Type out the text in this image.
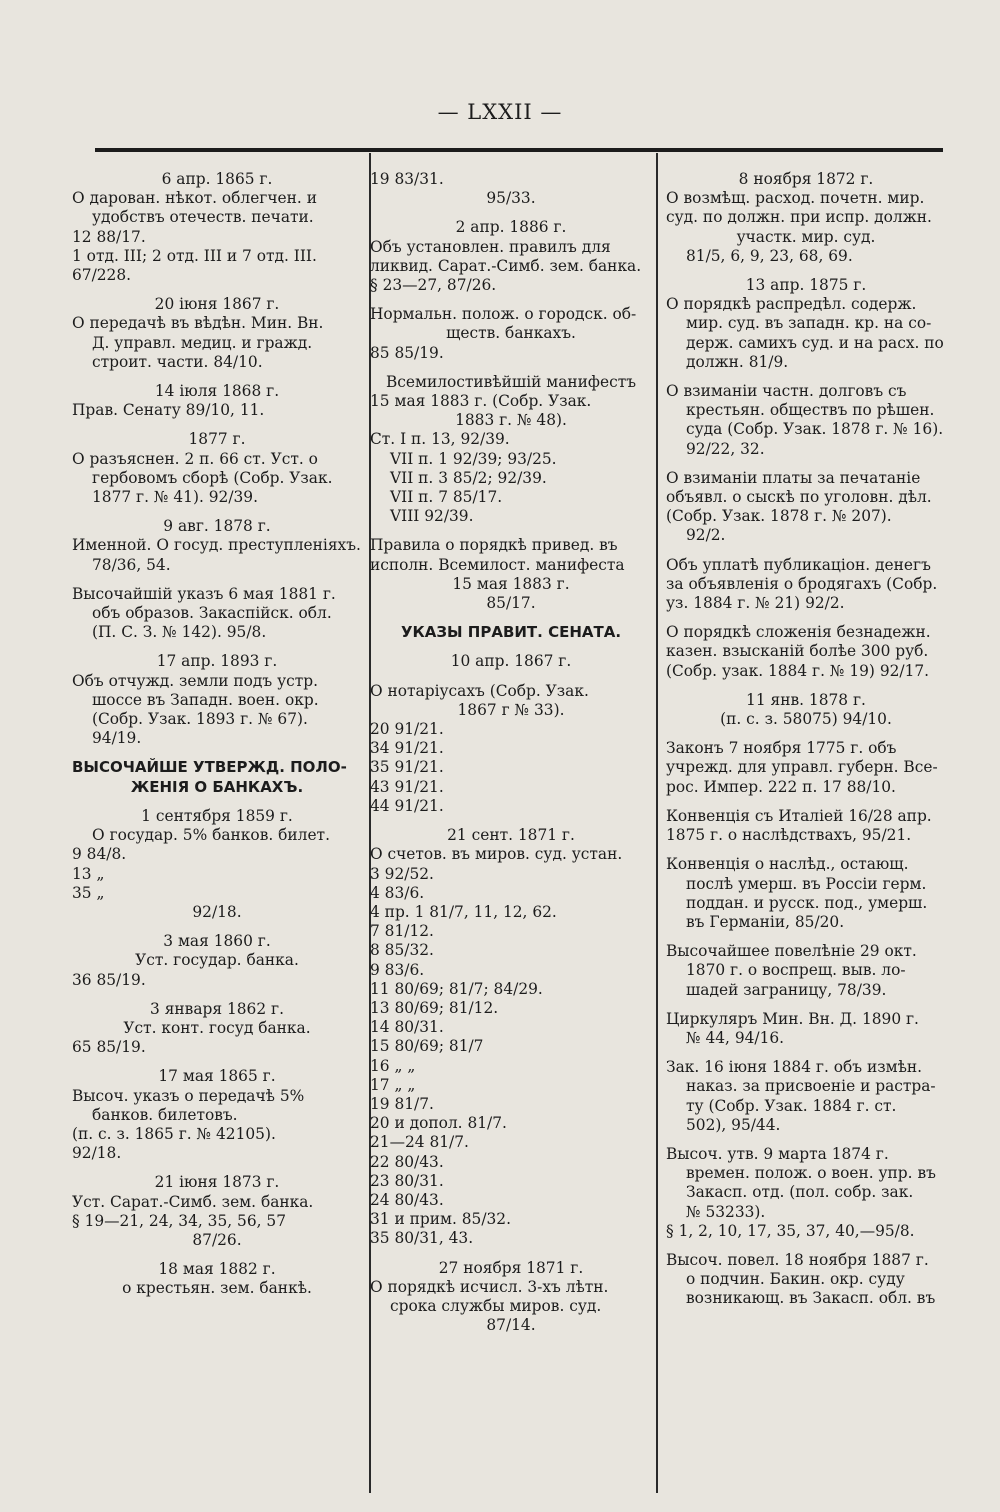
— LXXII —
6 апр. 1865 г.
О дарован. нѣкот. облегчен. и
удобствъ отечеств. печати.
12 88/17.
1 отд. III; 2 отд. III и 7 отд. III.
67/228.
20 іюня 1867 г.
О передачѣ въ вѣдѣн. Мин. Вн.
Д. управл. медиц. и гражд.
строит. части. 84/10.
14 іюля 1868 г.
Прав. Сенату 89/10, 11.
1877 г.
О разъяснен. 2 п. 66 ст. Уст. о
гербовомъ сборѣ (Собр. Узак.
1877 г. № 41). 92/39.
9 авг. 1878 г.
Именной. О госуд. преступленіяхъ.
78/36, 54.
Высочайшій указъ 6 мая 1881 г.
объ образов. Закаспійск. обл.
(П. С. З. № 142). 95/8.
17 апр. 1893 г.
Объ отчужд. земли подъ устр.
шоссе въ Западн. воен. окр.
(Собр. Узак. 1893 г. № 67).
94/19.
ВЫСОЧАЙШЕ УТВЕРЖД. ПОЛО-
ЖЕНІЯ О БАНКАХЪ.
1 сентября 1859 г.
О государ. 5% банков. билет.
9 84/8.
13 „
35 „
92/18.
3 мая 1860 г.
Уст. государ. банка.
36 85/19.
3 января 1862 г.
Уст. конт. госуд банка.
65 85/19.
17 мая 1865 г.
Высоч. указъ о передачѣ 5%
банков. билетовъ.
(п. с. з. 1865 г. № 42105).
92/18.
21 іюня 1873 г.
Уст. Сарат.-Симб. зем. банка.
§ 19—21, 24, 34, 35, 56, 57
87/26.
18 мая 1882 г.
о крестьян. зем. банкѣ.
19 83/31.
95/33.
2 апр. 1886 г.
Объ установлен. правилъ для
ликвид. Сарат.-Симб. зем. банка.
§ 23—27, 87/26.
Нормальн. полож. о городск. об-
ществ. банкахъ.
85 85/19.
Всемилостивѣйшій манифестъ
15 мая 1883 г. (Собр. Узак.
1883 г. № 48).
Ст. I п. 13, 92/39.
VII п. 1 92/39; 93/25.
VII п. 3 85/2; 92/39.
VII п. 7 85/17.
VIII 92/39.
Правила о порядкѣ привед. въ
исполн. Всемилост. манифеста
15 мая 1883 г.
85/17.
УКАЗЫ ПРАВИТ. СЕНАТА.
10 апр. 1867 г.
О нотаріусахъ (Собр. Узак.
1867 г № 33).
20 91/21.
34 91/21.
35 91/21.
43 91/21.
44 91/21.
21 сент. 1871 г.
О счетов. въ миров. суд. устан.
3 92/52.
4 83/6.
4 пр. 1 81/7, 11, 12, 62.
7 81/12.
8 85/32.
9 83/6.
11 80/69; 81/7; 84/29.
13 80/69; 81/12.
14 80/31.
15 80/69; 81/7
16 „ „
17 „ „
19 81/7.
20 и допол. 81/7.
21—24 81/7.
22 80/43.
23 80/31.
24 80/43.
31 и прим. 85/32.
35 80/31, 43.
27 ноября 1871 г.
О порядкѣ исчисл. 3-хъ лѣтн.
срока службы миров. суд.
87/14.
8 ноября 1872 г.
О возмѣщ. расход. почетн. мир.
суд. по должн. при испр. должн.
участк. мир. суд.
81/5, 6, 9, 23, 68, 69.
13 апр. 1875 г.
О порядкѣ распредѣл. содерж.
мир. суд. въ западн. кр. на со-
держ. самихъ суд. и на расх. по
должн. 81/9.
О взиманіи частн. долговъ съ
крестьян. обществъ по рѣшен.
суда (Собр. Узак. 1878 г. № 16).
92/22, 32.
О взиманіи платы за печатаніе
объявл. о сыскѣ по уголовн. дѣл.
(Собр. Узак. 1878 г. № 207).
92/2.
Объ уплатѣ публикаціон. денегъ
за объявленія о бродягахъ (Собр.
уз. 1884 г. № 21) 92/2.
О порядкѣ сложенія безнадежн.
казен. взысканій болѣе 300 руб.
(Собр. узак. 1884 г. № 19) 92/17.
11 янв. 1878 г.
(п. с. з. 58075) 94/10.
Законъ 7 ноября 1775 г. объ
учрежд. для управл. губерн. Все-
рос. Импер. 222 п. 17 88/10.
Конвенція съ Италіей 16/28 апр.
1875 г. о наслѣдствахъ, 95/21.
Конвенція о наслѣд., остающ.
послѣ умерш. въ Россіи герм.
поддан. и русск. под., умерш.
въ Германіи, 85/20.
Высочайшее повелѣніе 29 окт.
1870 г. о воспрещ. выв. ло-
шадей заграницу, 78/39.
Циркуляръ Мин. Вн. Д. 1890 г.
№ 44, 94/16.
Зак. 16 іюня 1884 г. объ измѣн.
наказ. за присвоеніе и растра-
ту (Собр. Узак. 1884 г. ст.
502), 95/44.
Высоч. утв. 9 марта 1874 г.
времен. полож. о воен. упр. въ
Закасп. отд. (пол. собр. зак.
№ 53233).
§ 1, 2, 10, 17, 35, 37, 40,—95/8.
Высоч. повел. 18 ноября 1887 г.
о подчин. Бакин. окр. суду
возникающ. въ Закасп. обл. въ
